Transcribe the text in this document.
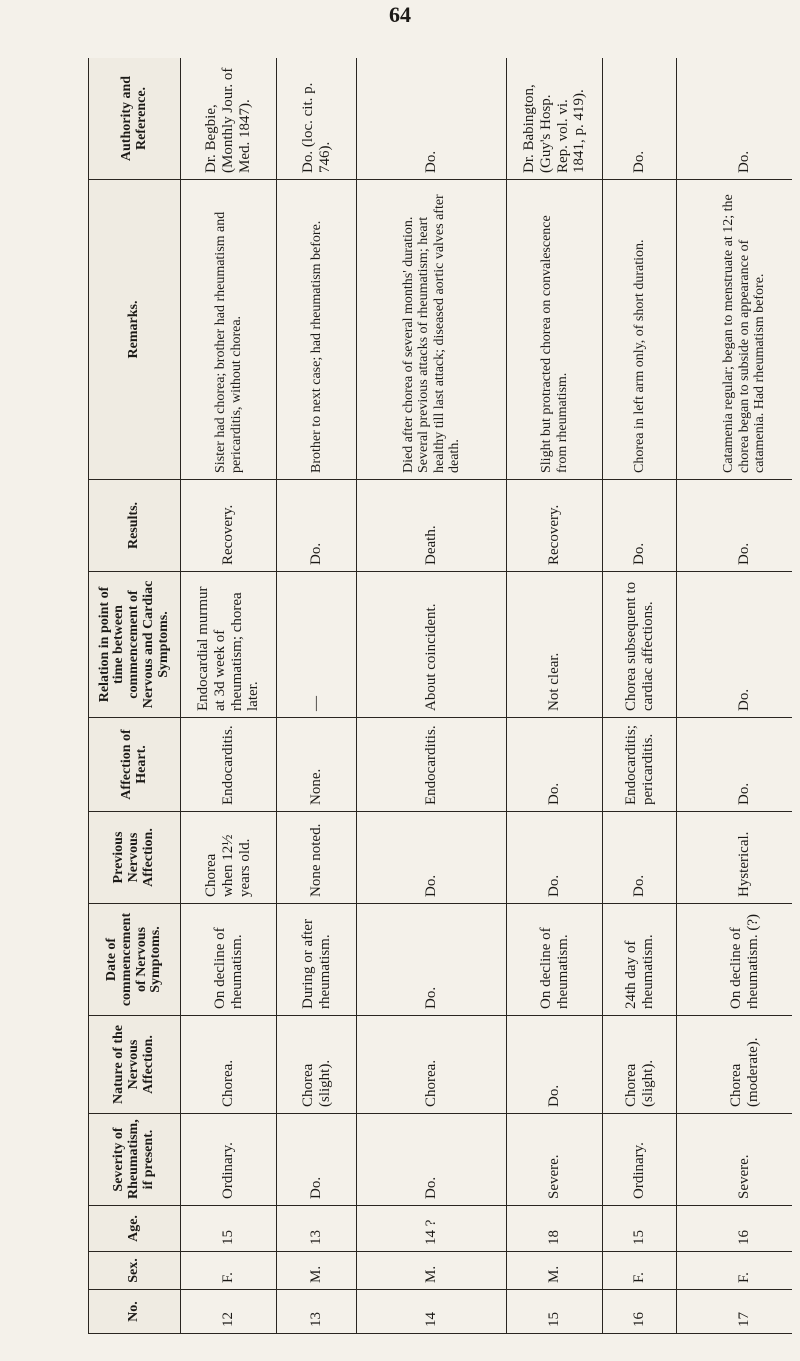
64
No.	Sex.	Age.	Severity of Rheumatism, if present.	Nature of the Nervous Affection.	Date of commencement of Nervous Symptoms.	Previous Nervous Affection.	Affection of Heart.	Relation in point of time between commencement of Nervous and Cardiac Symptoms.	Results.	Remarks.	Authority and Reference.
12	F.	15	Ordinary.	Chorea.	On decline of rheumatism.	Chorea when 12½ years old.	Endocarditis.	Endocardial murmur at 3d week of rheumatism; chorea later.	Recovery.	Sister had chorea; brother had rheumatism and pericarditis, without chorea.	Dr. Begbie, (Monthly Jour. of Med. 1847).
13	M.	13	Do.	Chorea (slight).	During or after rheumatism.	None noted.	None.	—	Do.	Brother to next case; had rheumatism before.	Do. (loc. cit. p. 746).
14	M.	14 ?	Do.	Chorea.	Do.	Do.	Endocarditis.	About coincident.	Death.	Died after chorea of several months' duration. Several previous attacks of rheumatism; heart healthy till last attack; diseased aortic valves after death.	Do.
15	M.	18	Severe.	Do.	On decline of rheumatism.	Do.	Do.	Not clear.	Recovery.	Slight but protracted chorea on convalescence from rheumatism.	Dr. Babington, (Guy's Hosp. Rep. vol. vi. 1841, p. 419).
16	F.	15	Ordinary.	Chorea (slight).	24th day of rheumatism.	Do.	Endocarditis; pericarditis.	Chorea subsequent to cardiac affections.	Do.	Chorea in left arm only, of short duration.	Do.
17	F.	16	Severe.	Chorea (moderate).	On decline of rheumatism. (?)	Hysterical.	Do.	Do.	Do.	Catamenia regular; began to menstruate at 12; the chorea began to subside on appearance of catamenia. Had rheumatism before.	Do.
